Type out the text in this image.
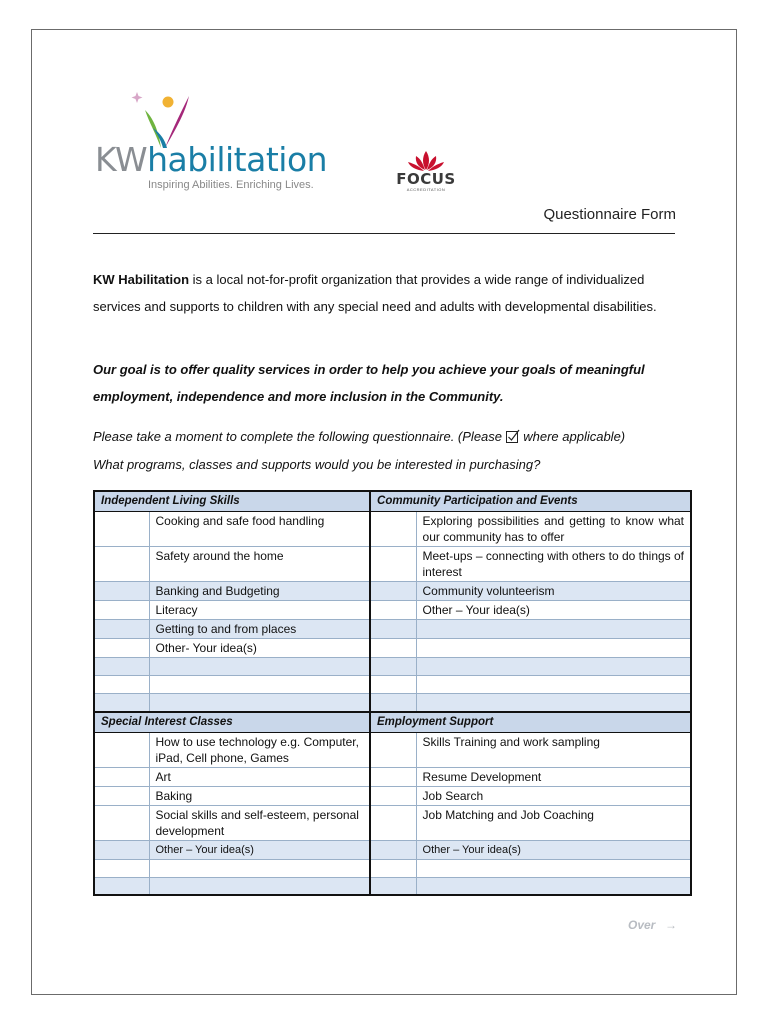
KWhabilitation
Inspiring Abilities. Enriching Lives.	FOCUS
ACCREDITATION
Questionnaire Form
KW Habilitation is a local not-for-profit organization that provides a wide range of individualized services and supports to children with any special need and adults with developmental disabilities.
Our goal is to offer quality services in order to help you achieve your goals of meaningful employment, independence and more inclusion in the Community.
Please take a moment to complete the following questionnaire. (Please  where applicable)
What programs, classes and supports would you be interested in purchasing?
Independent Living Skills		Community Participation and Events	
	Cooking and safe food handling		Exploring possibilities and getting to know what our community has to offer
	Safety around the home		Meet-ups – connecting with others to do things of interest
	Banking and Budgeting		Community volunteerism
	Literacy		Other – Your idea(s)
	Getting to and from places		
	Other- Your idea(s)		

Special Interest Classes		Employment Support	
	How to use technology e.g. Computer, iPad, Cell phone, Games		Skills Training and work sampling
	Art		Resume Development
	Baking		Job Search
	Social skills and self-esteem, personal development		Job Matching and Job Coaching
	Other – Your idea(s)		Other – Your idea(s)

Over →
